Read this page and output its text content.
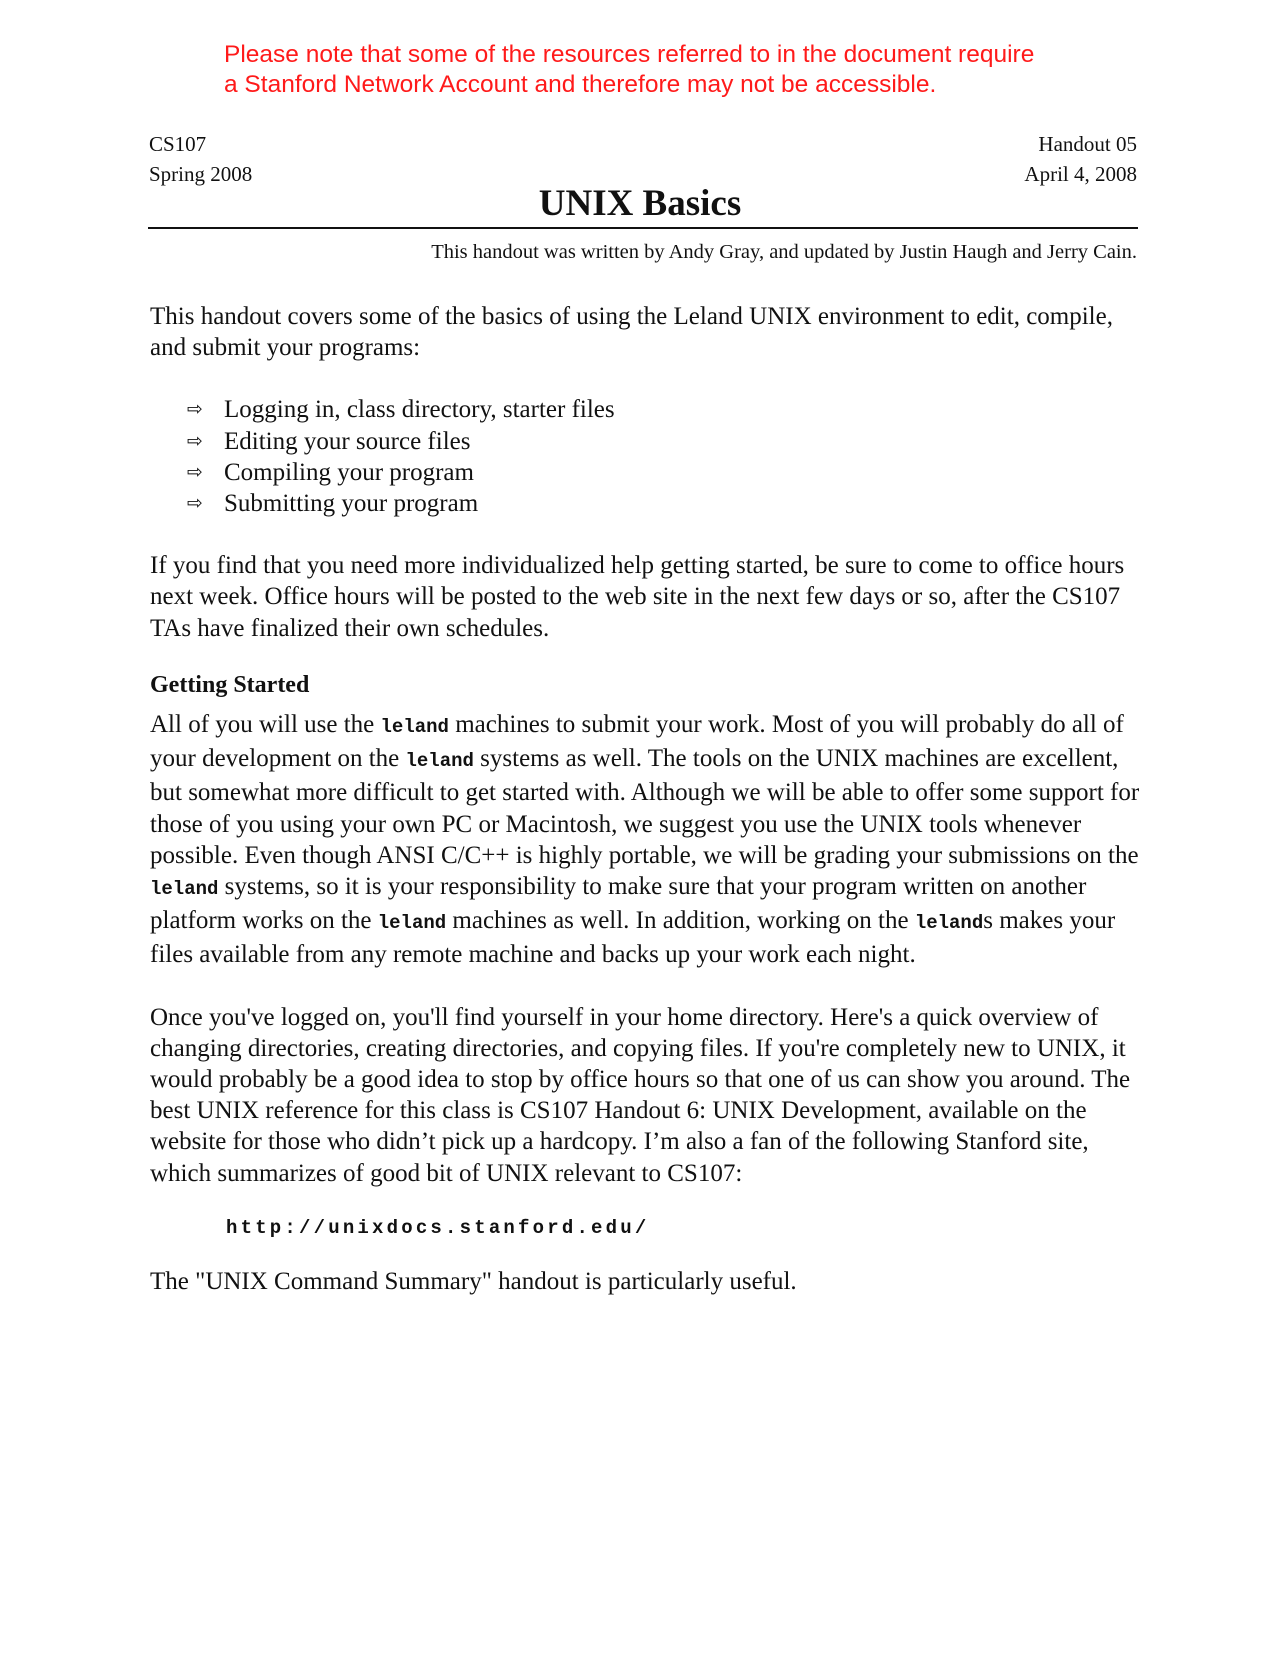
Please note that some of the resources referred to in the document require
a Stanford Network Account and therefore may not be accessible.
CS107
Spring 2008
Handout 05
April 4, 2008
UNIX Basics
This handout was written by Andy Gray, and updated by Justin Haugh and Jerry Cain.

This handout covers some of the basics of using the Leland UNIX environment to edit, compile, and submit your programs:

⇨ Logging in, class directory, starter files
⇨ Editing your source files
⇨ Compiling your program
⇨ Submitting your program

If you find that you need more individualized help getting started, be sure to come to office hours next week. Office hours will be posted to the web site in the next few days or so, after the CS107 TAs have finalized their own schedules.

Getting Started

All of you will use the leland machines to submit your work. Most of you will probably do all of your development on the leland systems as well. The tools on the UNIX machines are excellent, but somewhat more difficult to get started with. Although we will be able to offer some support for those of you using your own PC or Macintosh, we suggest you use the UNIX tools whenever possible. Even though ANSI C/C++ is highly portable, we will be grading your submissions on the leland systems, so it is your responsibility to make sure that your program written on another platform works on the leland machines as well. In addition, working on the lelands makes your files available from any remote machine and backs up your work each night.

Once you've logged on, you'll find yourself in your home directory. Here's a quick overview of changing directories, creating directories, and copying files. If you're completely new to UNIX, it would probably be a good idea to stop by office hours so that one of us can show you around. The best UNIX reference for this class is CS107 Handout 6: UNIX Development, available on the website for those who didn’t pick up a hardcopy. I’m also a fan of the following Stanford site, which summarizes of good bit of UNIX relevant to CS107:

http://unixdocs.stanford.edu/

The "UNIX Command Summary" handout is particularly useful.
